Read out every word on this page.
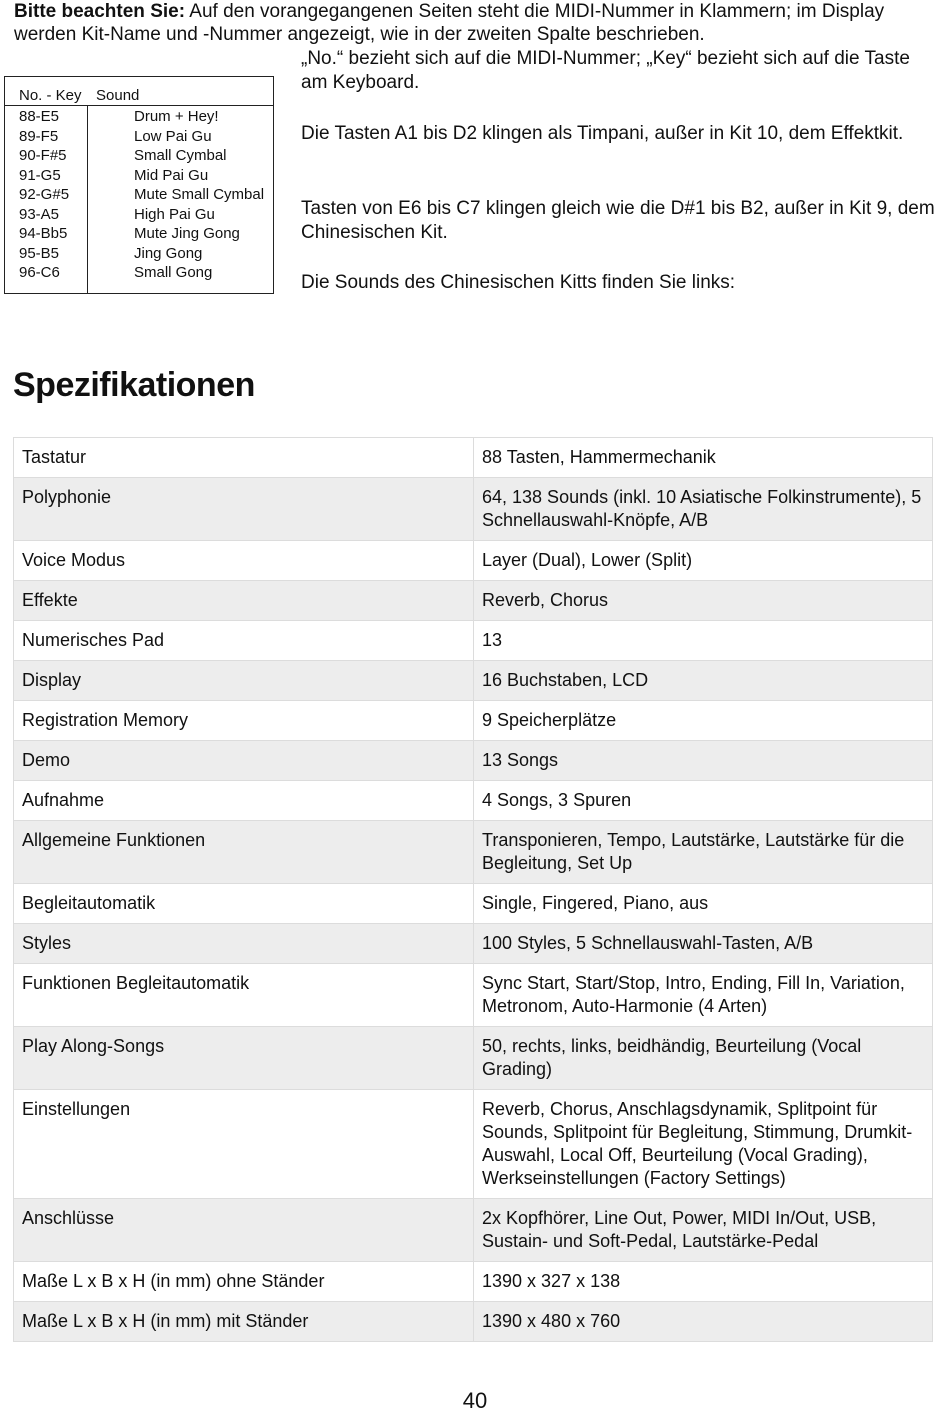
Bitte beachten Sie: Auf den vorangegangenen Seiten steht die MIDI-Nummer in Klammern; im Display werden Kit-Name und -Nummer angezeigt, wie in der zweiten Spalte beschrieben.

No. - Key Sound
88-E5	Drum + Hey!
89-F5	Low Pai Gu
90-F#5	Small Cymbal
91-G5	Mid Pai Gu
92-G#5	Mute Small Cymbal
93-A5	High Pai Gu
94-Bb5	Mute Jing Gong
95-B5	Jing Gong
96-C6	Small Gong

„No.“ bezieht sich auf die MIDI-Nummer; „Key“ bezieht sich auf die Taste am Keyboard.

Die Tasten A1 bis D2 klingen als Timpani, außer in Kit 10, dem Effektkit.

Tasten von E6 bis C7 klingen gleich wie die D#1 bis B2, außer in Kit 9, dem Chinesischen Kit.

Die Sounds des Chinesischen Kitts finden Sie links:

Spezifikationen
Tastatur	88 Tasten, Hammermechanik
Polyphonie	64, 138 Sounds (inkl. 10 Asiatische Folkinstrumente), 5 Schnellauswahl-Knöpfe, A/B
Voice Modus	Layer (Dual), Lower (Split)
Effekte	Reverb, Chorus
Numerisches Pad	13
Display	16 Buchstaben, LCD
Registration Memory	9 Speicherplätze
Demo	13 Songs
Aufnahme	4 Songs, 3 Spuren
Allgemeine Funktionen	Transponieren, Tempo, Lautstärke, Lautstärke für die Begleitung, Set Up
Begleitautomatik	Single, Fingered, Piano, aus
Styles	100 Styles, 5 Schnellauswahl-Tasten, A/B
Funktionen Begleitautomatik	Sync Start, Start/Stop, Intro, Ending, Fill In, Variation, Metronom, Auto-Harmonie (4 Arten)
Play Along-Songs	50, rechts, links, beidhändig, Beurteilung (Vocal Grading)
Einstellungen	Reverb, Chorus, Anschlagsdynamik, Splitpoint für Sounds, Splitpoint für Begleitung, Stimmung, Drumkit-Auswahl, Local Off, Beurteilung (Vocal Grading), Werkseinstellungen (Factory Settings)
Anschlüsse	2x Kopfhörer, Line Out, Power, MIDI In/Out, USB, Sustain- und Soft-Pedal, Lautstärke-Pedal
Maße L x B x H (in mm) ohne Ständer	1390 x 327 x 138
Maße L x B x H (in mm) mit Ständer	1390 x 480 x 760
40
